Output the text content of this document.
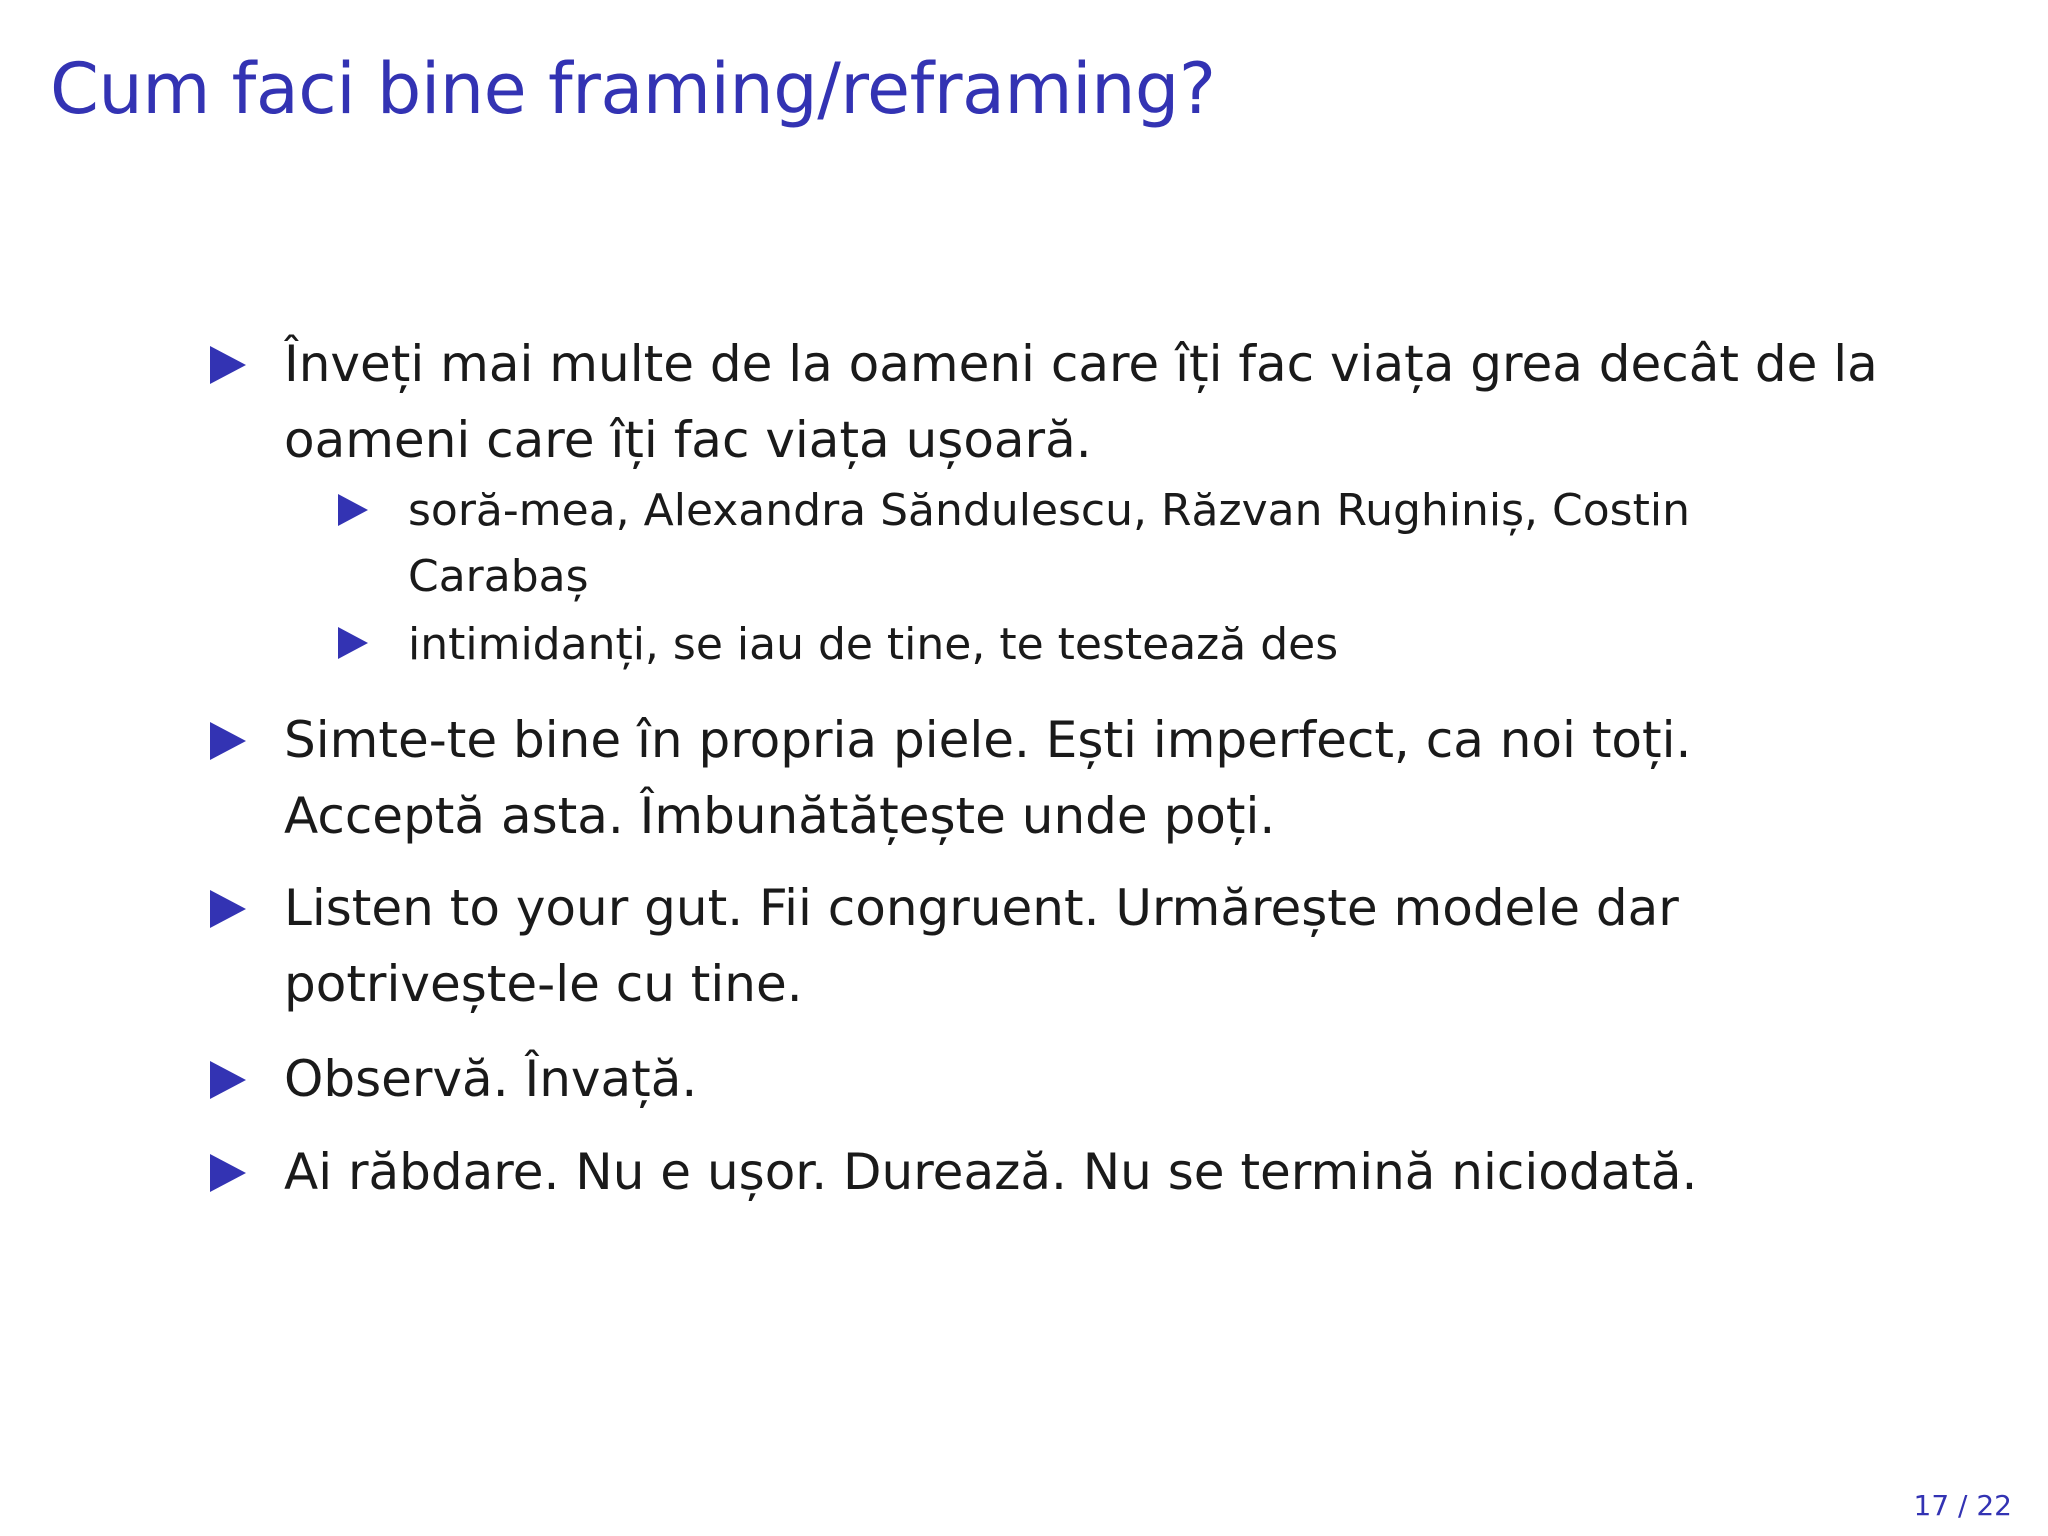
Cum faci bine framing/reframing?
Înveți mai multe de la oameni care îți fac viața grea decât de la oameni care îți fac viața ușoară.
soră-mea, Alexandra Săndulescu, Răzvan Rughiniș, Costin Carabaș
intimidanți, se iau de tine, te testează des
Simte-te bine în propria piele. Ești imperfect, ca noi toți. Acceptă asta. Îmbunătățește unde poți.
Listen to your gut. Fii congruent. Urmărește modele dar potrivește-le cu tine.
Observă. Învață.
Ai răbdare. Nu e ușor. Durează. Nu se termină niciodată.
17 / 22
